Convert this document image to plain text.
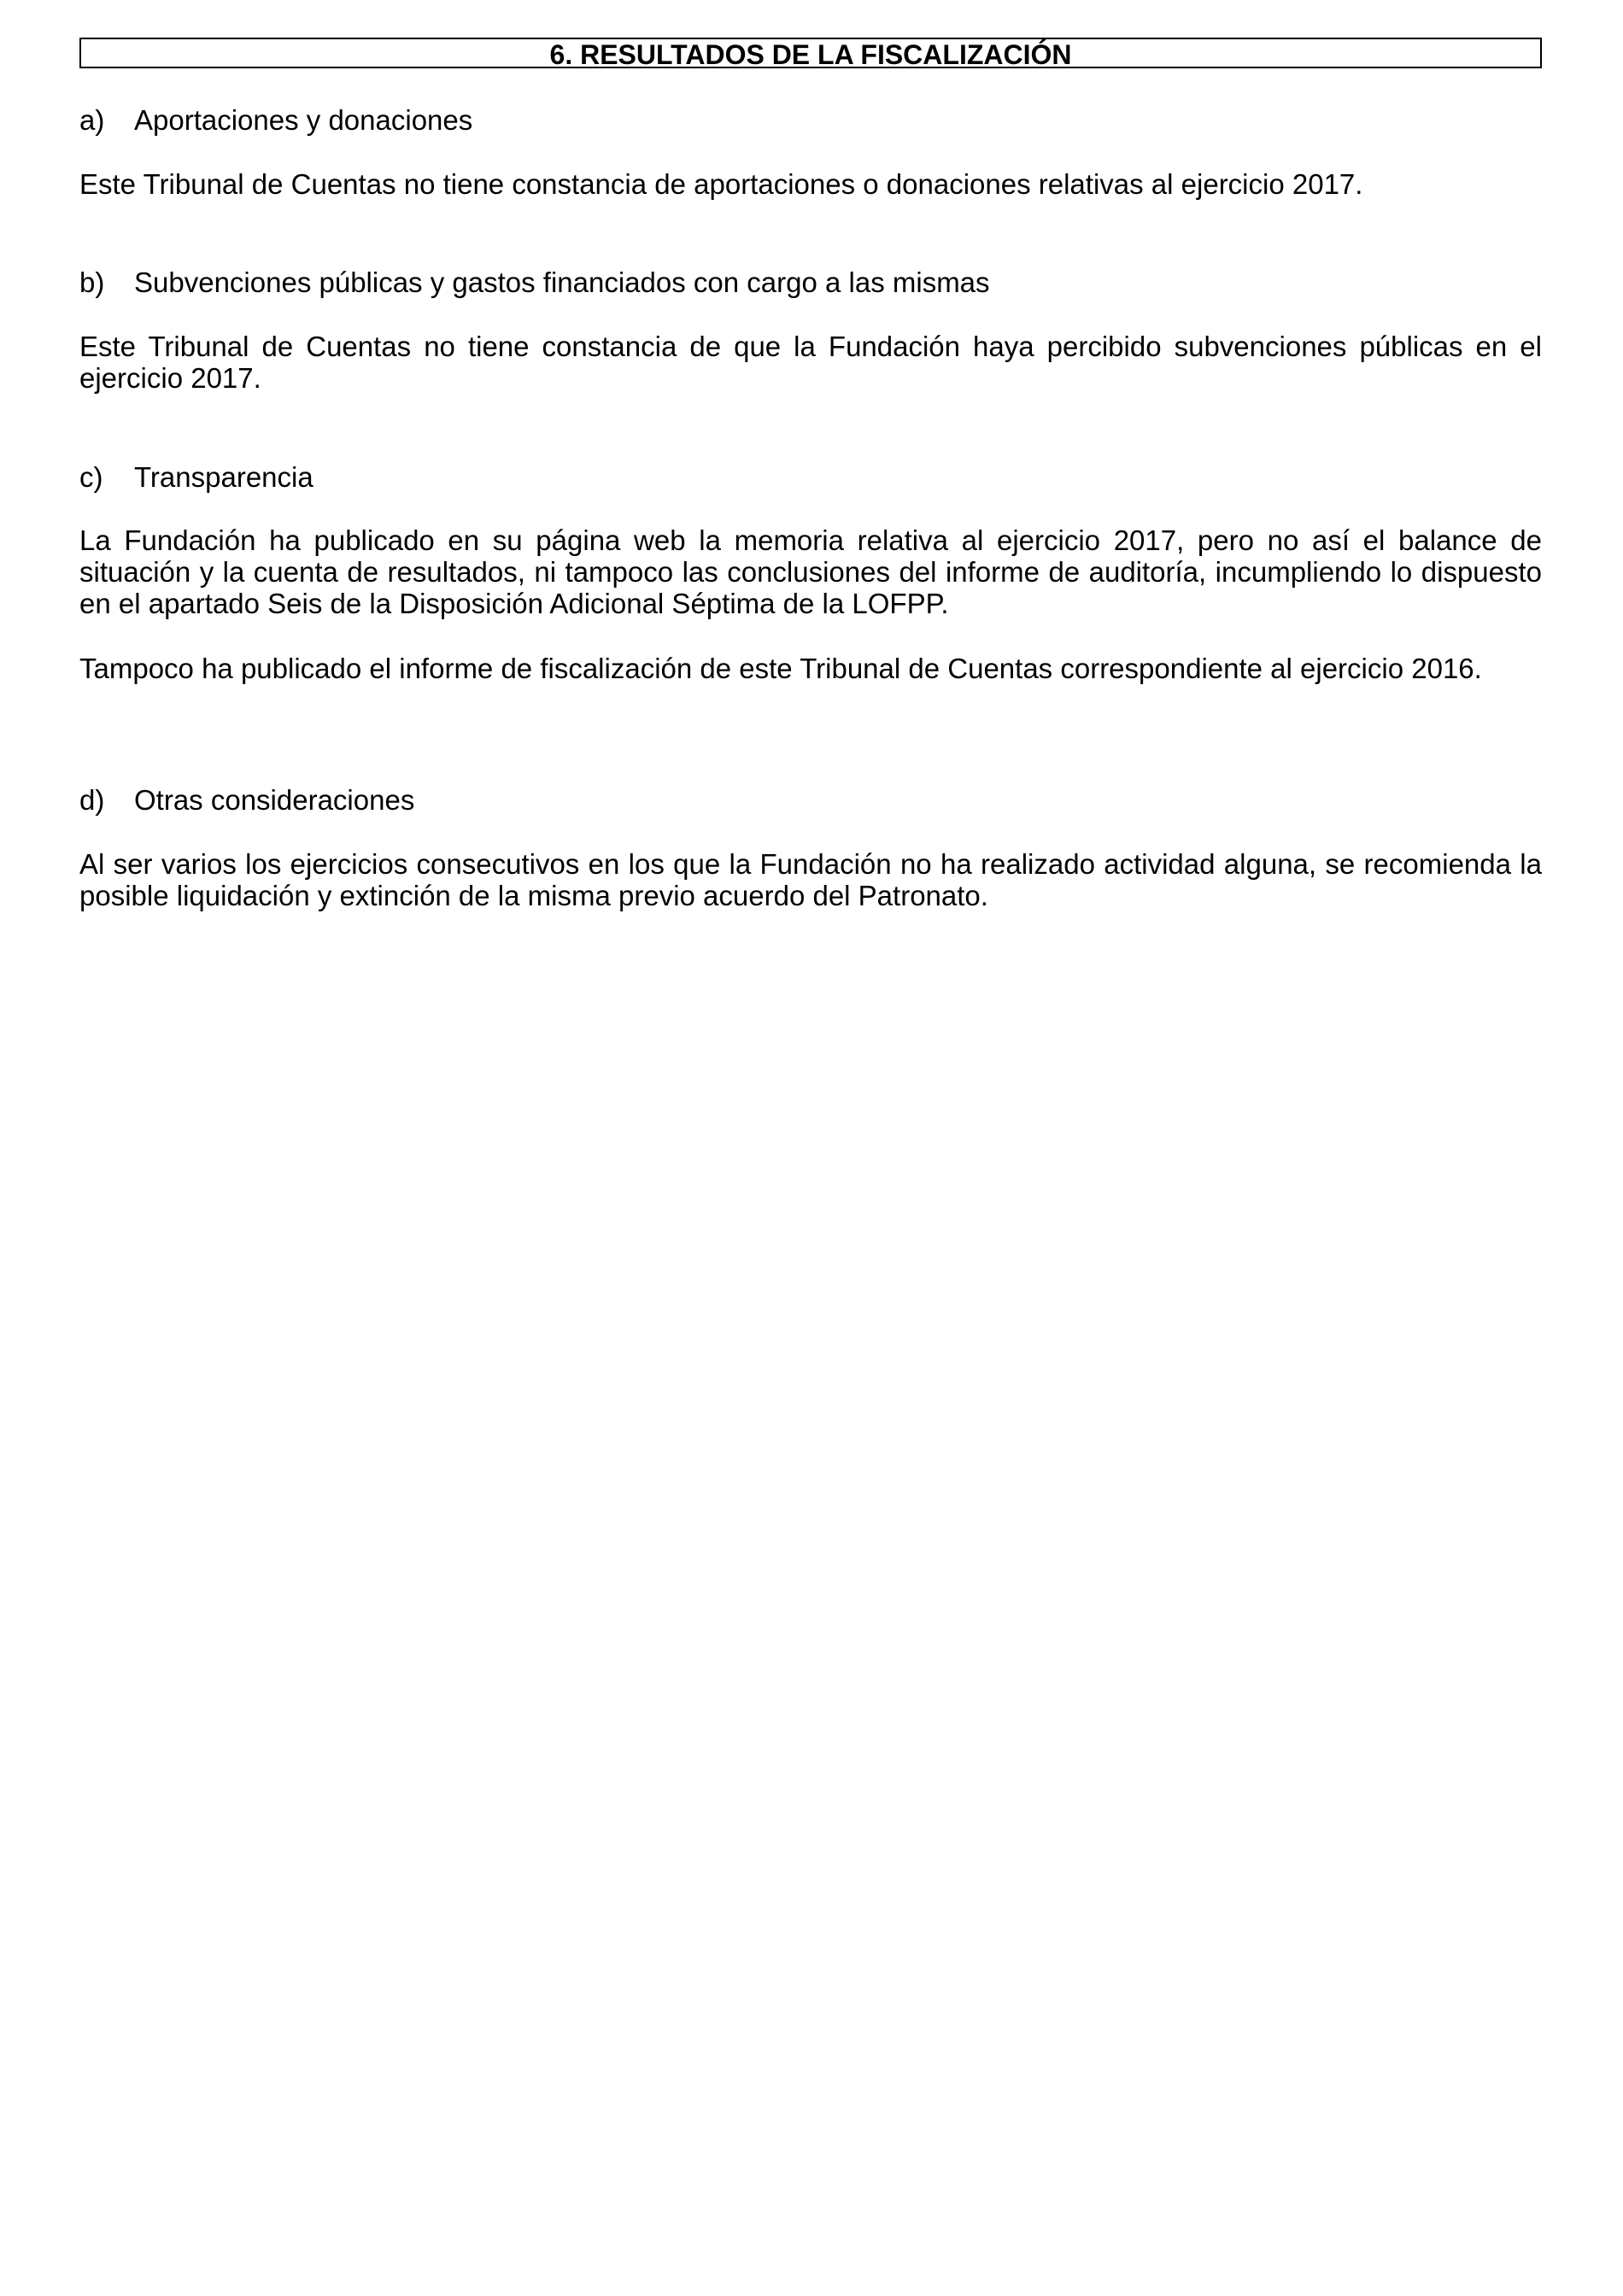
6. RESULTADOS DE LA FISCALIZACIÓN
a)	Aportaciones y donaciones

Este Tribunal de Cuentas no tiene constancia de aportaciones o donaciones relativas al ejercicio 2017.

b)	Subvenciones públicas y gastos financiados con cargo a las mismas

Este Tribunal de Cuentas no tiene constancia de que la Fundación haya percibido subvenciones públicas en el ejercicio 2017.

c)	Transparencia

La Fundación ha publicado en su página web la memoria relativa al ejercicio 2017, pero no así el balance de situación y la cuenta de resultados, ni tampoco las conclusiones del informe de auditoría, incumpliendo lo dispuesto en el apartado Seis de la Disposición Adicional Séptima de la LOFPP.

Tampoco ha publicado el informe de fiscalización de este Tribunal de Cuentas correspondiente al ejercicio 2016.

d)	Otras consideraciones

Al ser varios los ejercicios consecutivos en los que la Fundación no ha realizado actividad alguna, se recomienda la posible liquidación y extinción de la misma previo acuerdo del Patronato.
